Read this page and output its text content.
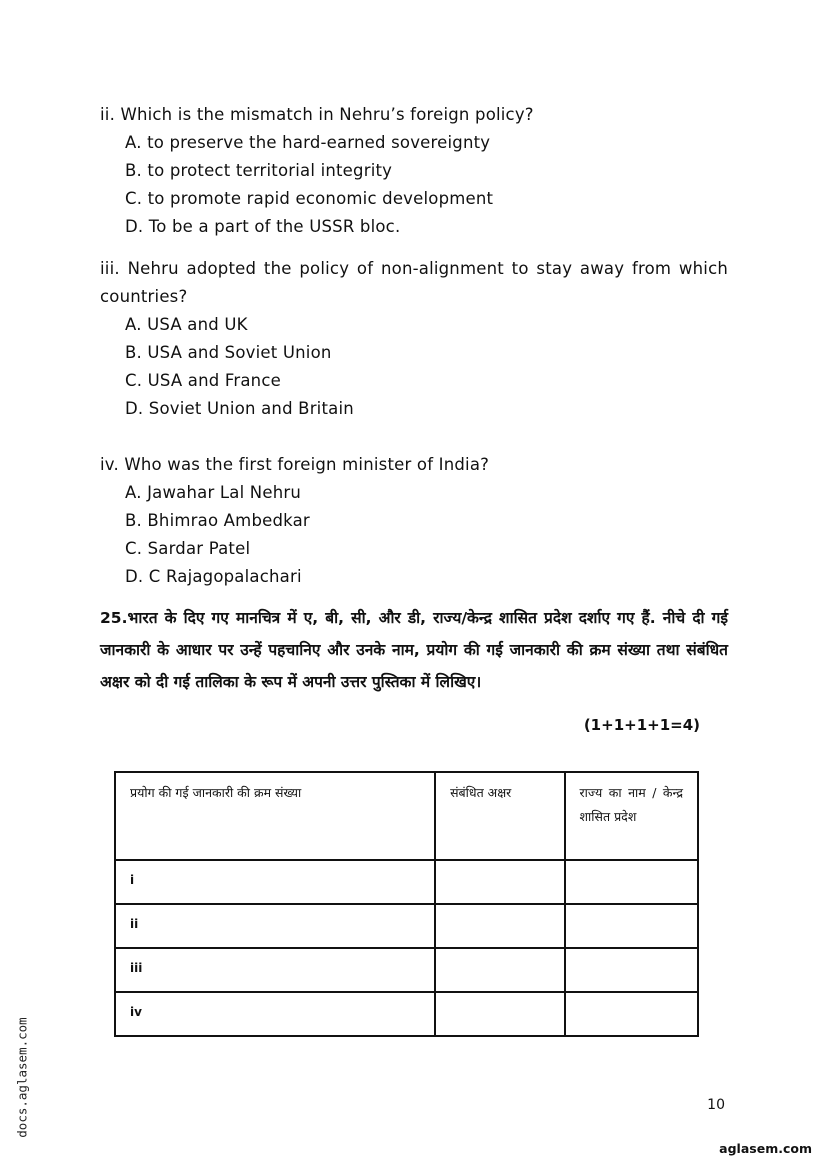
ii. Which is the mismatch in Nehru’s foreign policy?
A. to preserve the hard-earned sovereignty
B. to protect territorial integrity
C. to promote rapid economic development
D. To be a part of the USSR bloc.
iii. Nehru adopted the policy of non-alignment to stay away from which countries?
A. USA and UK
B. USA and Soviet Union
C. USA and France
D. Soviet Union and Britain
iv. Who was the first foreign minister of India?
A. Jawahar Lal Nehru
B. Bhimrao Ambedkar
C. Sardar Patel
D. C Rajagopalachari
25.भारत के दिए गए मानचित्र में ए, बी, सी, और डी, राज्य/केन्द्र शासित प्रदेश दर्शाए गए हैं. नीचे दी गई जानकारी के आधार पर उन्हें पहचानिए और उनके नाम, प्रयोग की गई जानकारी की क्रम संख्या तथा संबंधित अक्षर को दी गई तालिका के रूप में अपनी उत्तर पुस्तिका में लिखिए।
(1+1+1+1=4)
प्रयोग की गई जानकारी की क्रम संख्या	संबंधित अक्षर	राज्य का नाम / केन्द्र शासित प्रदेश
i		
ii		
iii		
iv		
10
docs.aglasem.com
aglasem.com
